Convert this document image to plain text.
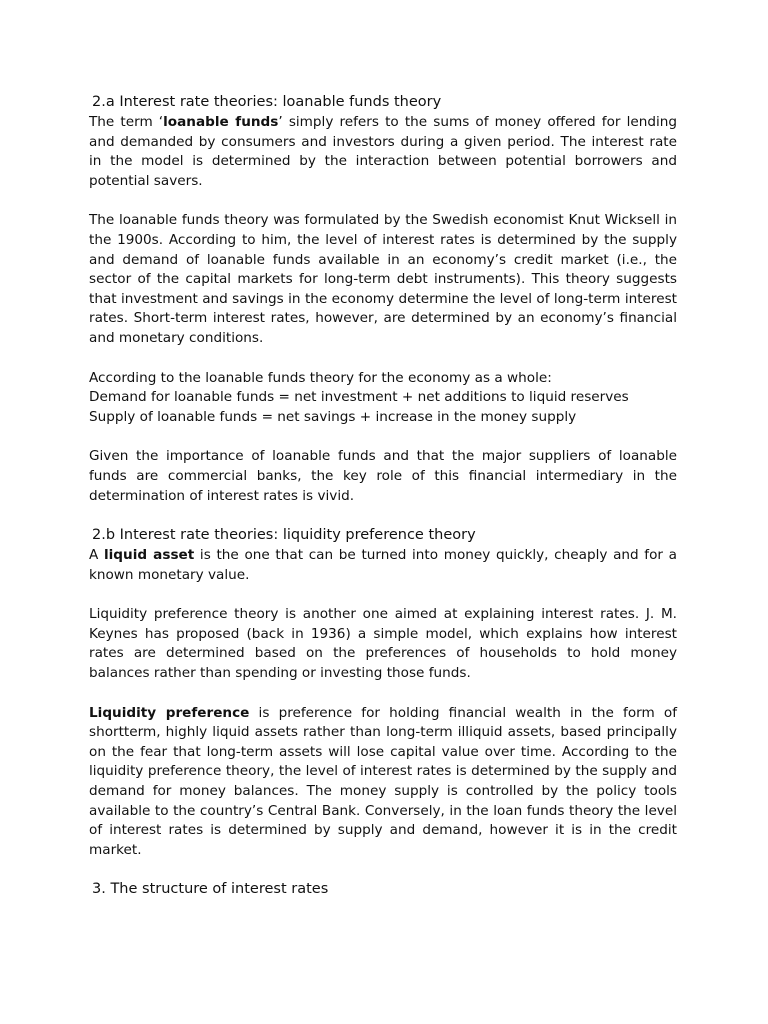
2.a Interest rate theories: loanable funds theory

The term ‘loanable funds’ simply refers to the sums of money offered for lending and demanded by consumers and investors during a given period. The interest rate in the model is determined by the interaction between potential borrowers and potential savers.

The loanable funds theory was formulated by the Swedish economist Knut Wicksell in the 1900s. According to him, the level of interest rates is determined by the supply and demand of loanable funds available in an economy’s credit market (i.e., the sector of the capital markets for long-term debt instruments). This theory suggests that investment and savings in the economy determine the level of long-term interest rates. Short-term interest rates, however, are determined by an economy’s financial and monetary conditions.

According to the loanable funds theory for the economy as a whole:

Demand for loanable funds = net investment + net additions to liquid reserves Supply of loanable funds = net savings + increase in the money supply

Given the importance of loanable funds and that the major suppliers of loanable funds are commercial banks, the key role of this financial intermediary in the determination of interest rates is vivid.

2.b Interest rate theories: liquidity preference theory

A liquid asset is the one that can be turned into money quickly, cheaply and for a known monetary value.

Liquidity preference theory is another one aimed at explaining interest rates. J. M. Keynes has proposed (back in 1936) a simple model, which explains how interest rates are determined based on the preferences of households to hold money balances rather than spending or investing those funds.

Liquidity preference is preference for holding financial wealth in the form of shortterm, highly liquid assets rather than long-term illiquid assets, based principally on the fear that long-term assets will lose capital value over time. According to the liquidity preference theory, the level of interest rates is determined by the supply and demand for money balances. The money supply is controlled by the policy tools available to the country’s Central Bank. Conversely, in the loan funds theory the level of interest rates is determined by supply and demand, however it is in the credit market.

3. The structure of interest rates
